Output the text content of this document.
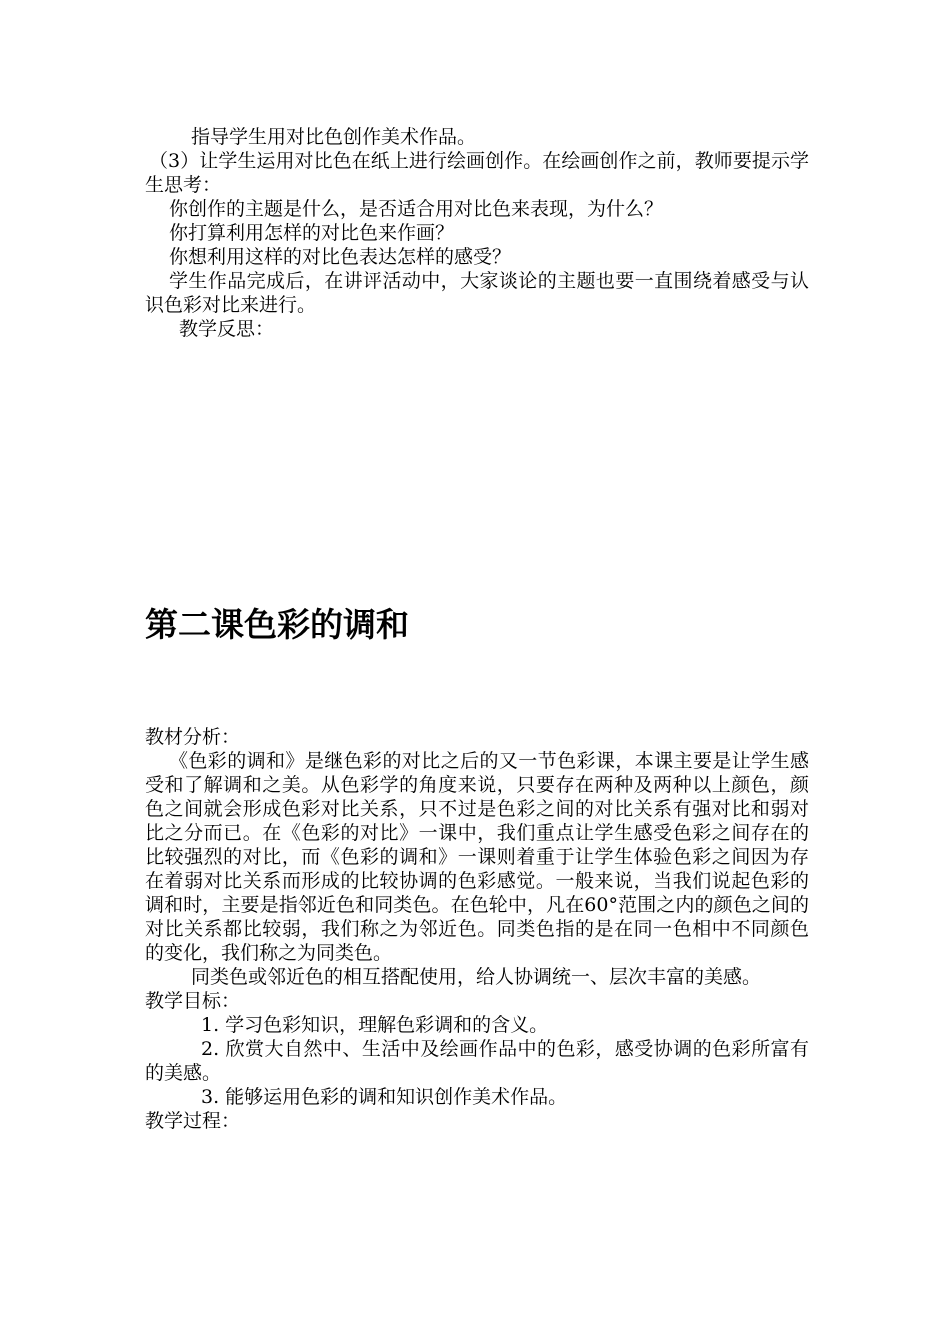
指导学生用对比色创作美术作品。

（3）让学生运用对比色在纸上进行绘画创作。在绘画创作之前，教师要提示学生思考：

你创作的主题是什么，是否适合用对比色来表现，为什么？

你打算利用怎样的对比色来作画？

你想利用这样的对比色表达怎样的感受？

学生作品完成后，在讲评活动中，大家谈论的主题也要一直围绕着感受与认识色彩对比来进行。

教学反思：

第二课色彩的调和

教材分析：

《色彩的调和》是继色彩的对比之后的又一节色彩课，本课主要是让学生感受和了解调和之美。从色彩学的角度来说，只要存在两种及两种以上颜色，颜色之间就会形成色彩对比关系，只不过是色彩之间的对比关系有强对比和弱对比之分而已。在《色彩的对比》一课中，我们重点让学生感受色彩之间存在的比较强烈的对比，而《色彩的调和》一课则着重于让学生体验色彩之间因为存在着弱对比关系而形成的比较协调的色彩感觉。一般来说，当我们说起色彩的调和时，主要是指邻近色和同类色。在色轮中，凡在60°范围之内的颜色之间的对比关系都比较弱，我们称之为邻近色。同类色指的是在同一色相中不同颜色的变化，我们称之为同类色。

同类色或邻近色的相互搭配使用，给人协调统一、层次丰富的美感。

教学目标：

1. 学习色彩知识，理解色彩调和的含义。

2. 欣赏大自然中、生活中及绘画作品中的色彩，感受协调的色彩所富有的美感。

3. 能够运用色彩的调和知识创作美术作品。

教学过程：
